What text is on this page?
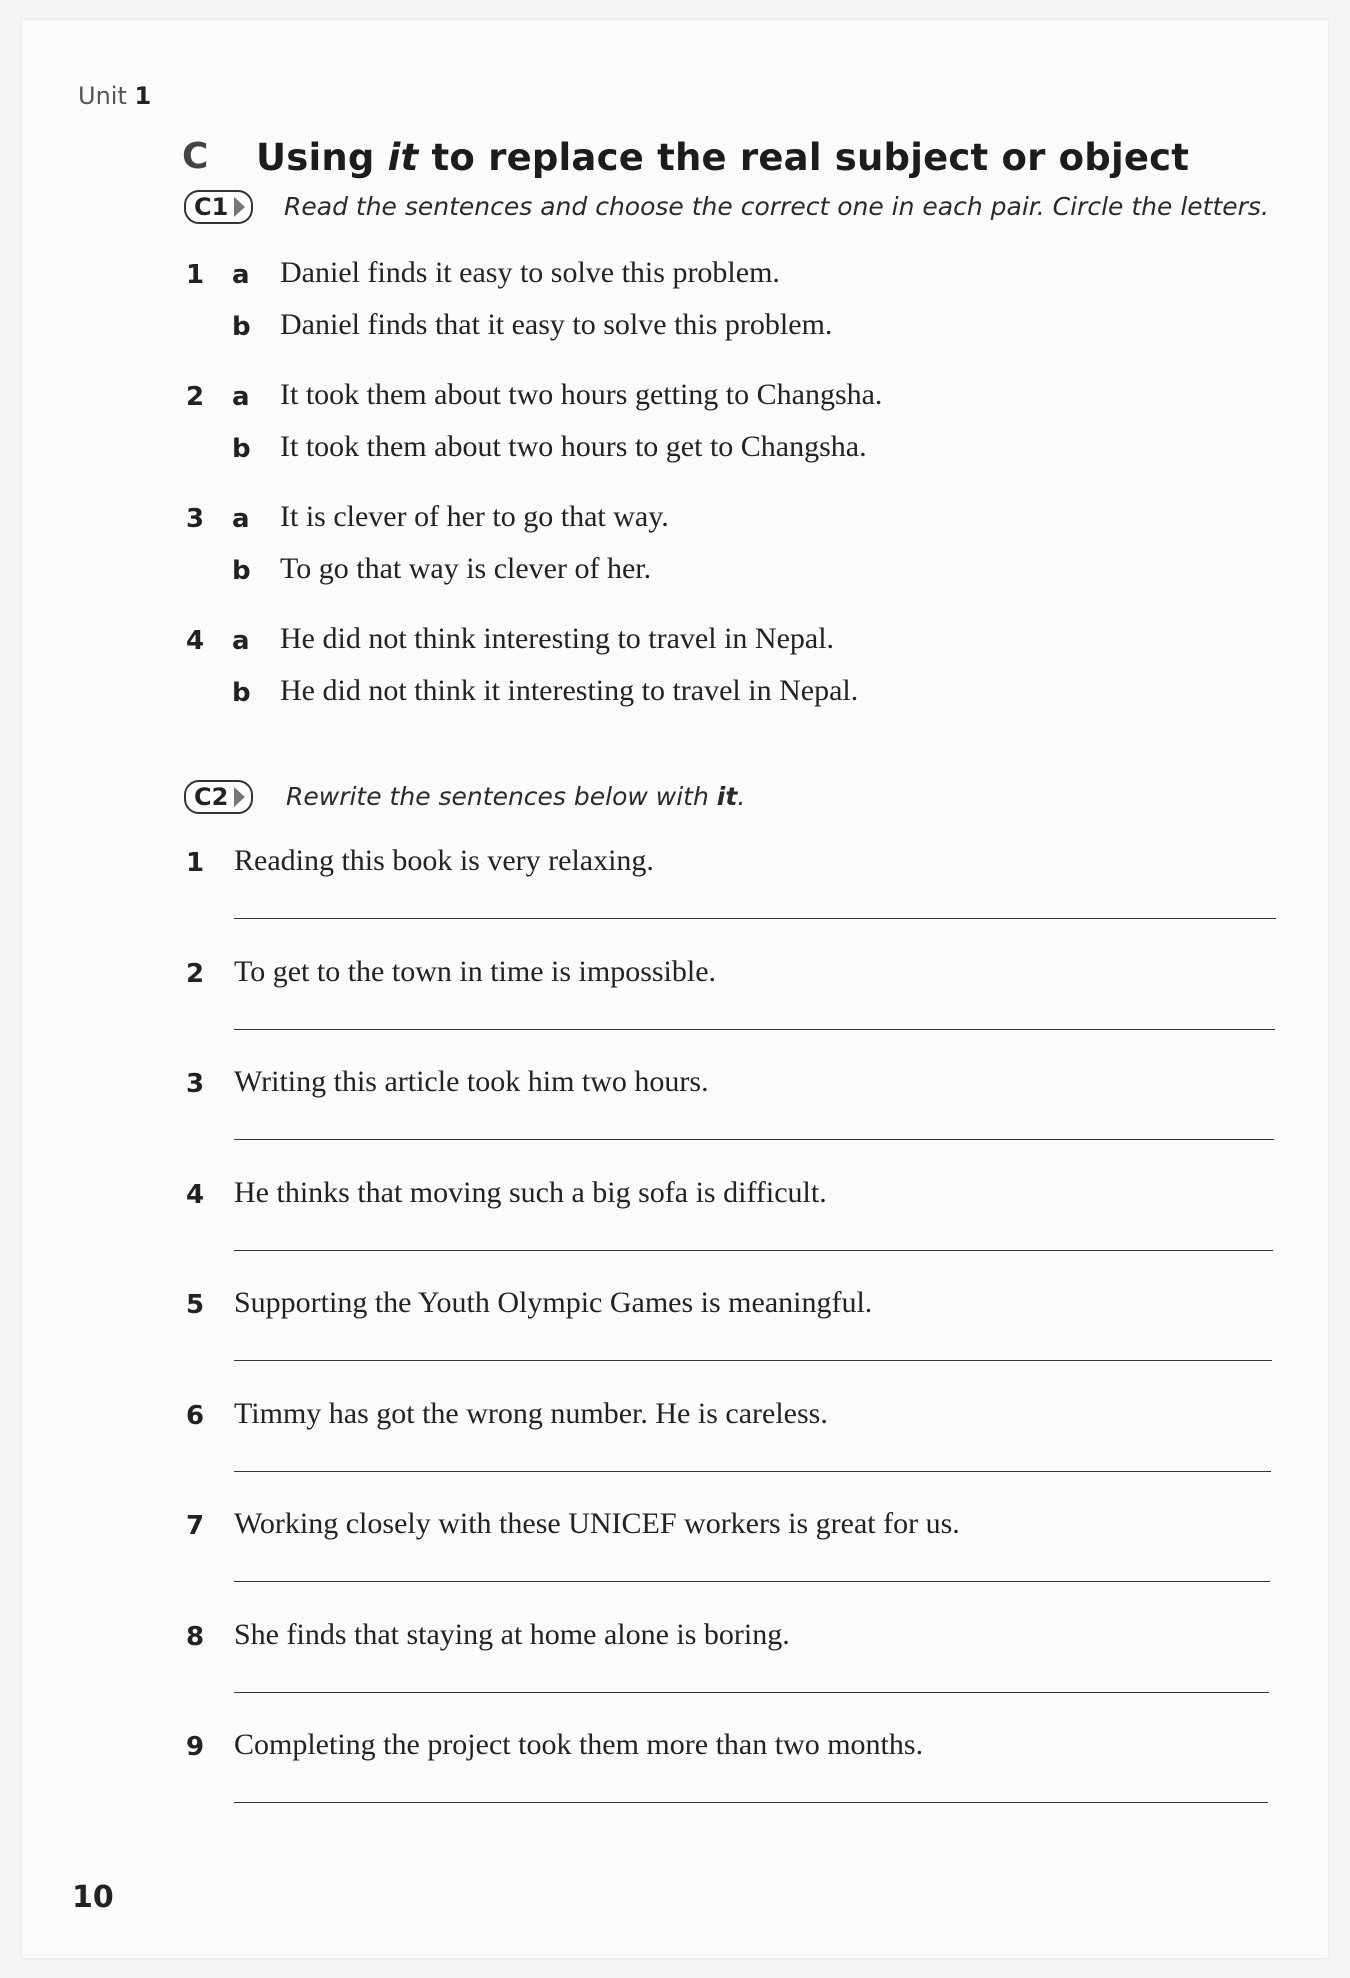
Unit 1
C Using it to replace the real subject or object
C1 Read the sentences and choose the correct one in each pair. Circle the letters.
1 a Daniel finds it easy to solve this problem.
b Daniel finds that it easy to solve this problem.
2 a It took them about two hours getting to Changsha.
b It took them about two hours to get to Changsha.
3 a It is clever of her to go that way.
b To go that way is clever of her.
4 a He did not think interesting to travel in Nepal.
b He did not think it interesting to travel in Nepal.
C2 Rewrite the sentences below with it.
1 Reading this book is very relaxing.
2 To get to the town in time is impossible.
3 Writing this article took him two hours.
4 He thinks that moving such a big sofa is difficult.
5 Supporting the Youth Olympic Games is meaningful.
6 Timmy has got the wrong number. He is careless.
7 Working closely with these UNICEF workers is great for us.
8 She finds that staying at home alone is boring.
9 Completing the project took them more than two months.
10
